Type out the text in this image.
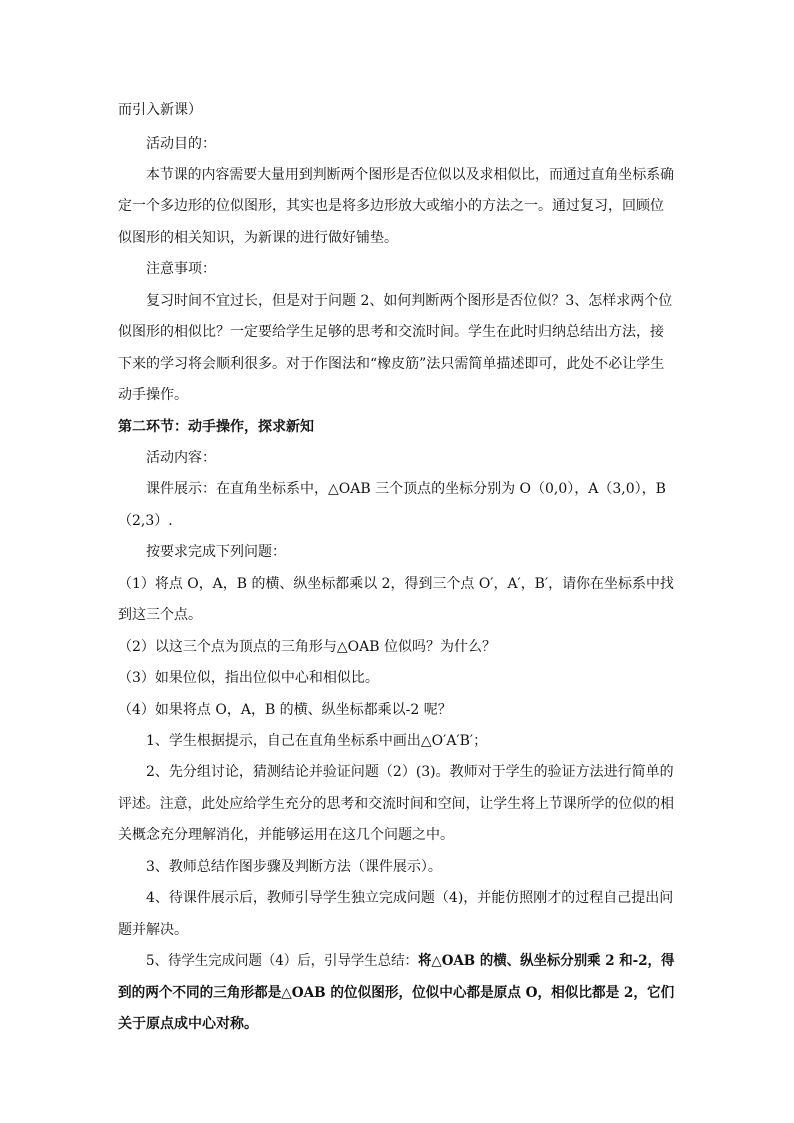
而引入新课）
活动目的：
本节课的内容需要大量用到判断两个图形是否位似以及求相似比，而通过直角坐标系确
定一个多边形的位似图形，其实也是将多边形放大或缩小的方法之一。通过复习，回顾位
似图形的相关知识，为新课的进行做好铺垫。
注意事项：
复习时间不宜过长，但是对于问题 2、如何判断两个图形是否位似？3、怎样求两个位
似图形的相似比？一定要给学生足够的思考和交流时间。学生在此时归纳总结出方法，接
下来的学习将会顺利很多。对于作图法和“橡皮筋”法只需简单描述即可，此处不必让学生
动手操作。
第二环节：动手操作，探求新知
活动内容：
课件展示：在直角坐标系中，△OAB 三个顶点的坐标分别为 O（0,0），A（3,0），B
（2,3）.
按要求完成下列问题：
（1）将点 O，A，B 的横、纵坐标都乘以 2，得到三个点 O′，A′，B′，请你在坐标系中找
到这三个点。
（2）以这三个点为顶点的三角形与△OAB 位似吗？为什么？
（3）如果位似，指出位似中心和相似比。
（4）如果将点 O，A，B 的横、纵坐标都乘以-2 呢？
1、学生根据提示，自己在直角坐标系中画出△O′A′B′；
2、先分组讨论，猜测结论并验证问题（2）(3)。教师对于学生的验证方法进行简单的
评述。注意，此处应给学生充分的思考和交流时间和空间，让学生将上节课所学的位似的相
关概念充分理解消化，并能够运用在这几个问题之中。
3、教师总结作图步骤及判断方法（课件展示）。
4、待课件展示后，教师引导学生独立完成问题（4)，并能仿照刚才的过程自己提出问
题并解决。
5、待学生完成问题（4）后，引导学生总结：将△OAB 的横、纵坐标分别乘 2 和-2，得
到的两个不同的三角形都是△OAB 的位似图形，位似中心都是原点 O，相似比都是 2，它们
关于原点成中心对称。
